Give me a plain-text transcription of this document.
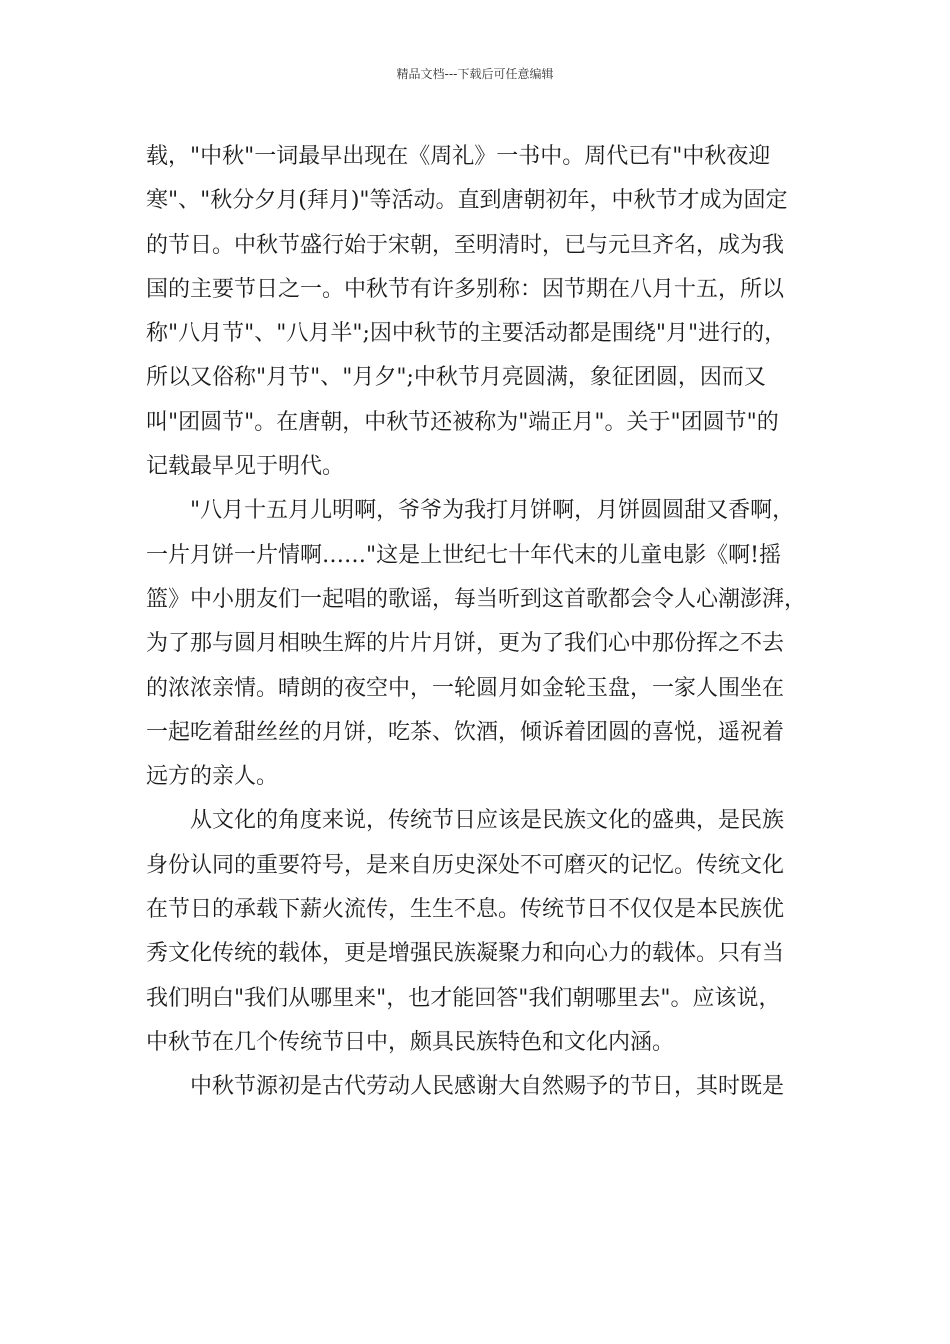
精品文档---下载后可任意编辑
载，"中秋"一词最早出现在《周礼》一书中。周代已有"中秋夜迎
寒"、"秋分夕月(拜月)"等活动。直到唐朝初年，中秋节才成为固定
的节日。中秋节盛行始于宋朝，至明清时，已与元旦齐名，成为我
国的主要节日之一。中秋节有许多别称：因节期在八月十五，所以
称"八月节"、"八月半";因中秋节的主要活动都是围绕"月"进行的，
所以又俗称"月节"、"月夕";中秋节月亮圆满，象征团圆，因而又
叫"团圆节"。在唐朝，中秋节还被称为"端正月"。关于"团圆节"的
记载最早见于明代。
"八月十五月儿明啊，爷爷为我打月饼啊，月饼圆圆甜又香啊，
一片月饼一片情啊……"这是上世纪七十年代末的儿童电影《啊!摇
篮》中小朋友们一起唱的歌谣，每当听到这首歌都会令人心潮澎湃，
为了那与圆月相映生辉的片片月饼，更为了我们心中那份挥之不去
的浓浓亲情。晴朗的夜空中，一轮圆月如金轮玉盘，一家人围坐在
一起吃着甜丝丝的月饼，吃茶、饮酒，倾诉着团圆的喜悦，遥祝着
远方的亲人。
从文化的角度来说，传统节日应该是民族文化的盛典，是民族
身份认同的重要符号，是来自历史深处不可磨灭的记忆。传统文化
在节日的承载下薪火流传，生生不息。传统节日不仅仅是本民族优
秀文化传统的载体，更是增强民族凝聚力和向心力的载体。只有当
我们明白"我们从哪里来"，也才能回答"我们朝哪里去"。应该说，
中秋节在几个传统节日中，颇具民族特色和文化内涵。
中秋节源初是古代劳动人民感谢大自然赐予的节日，其时既是
